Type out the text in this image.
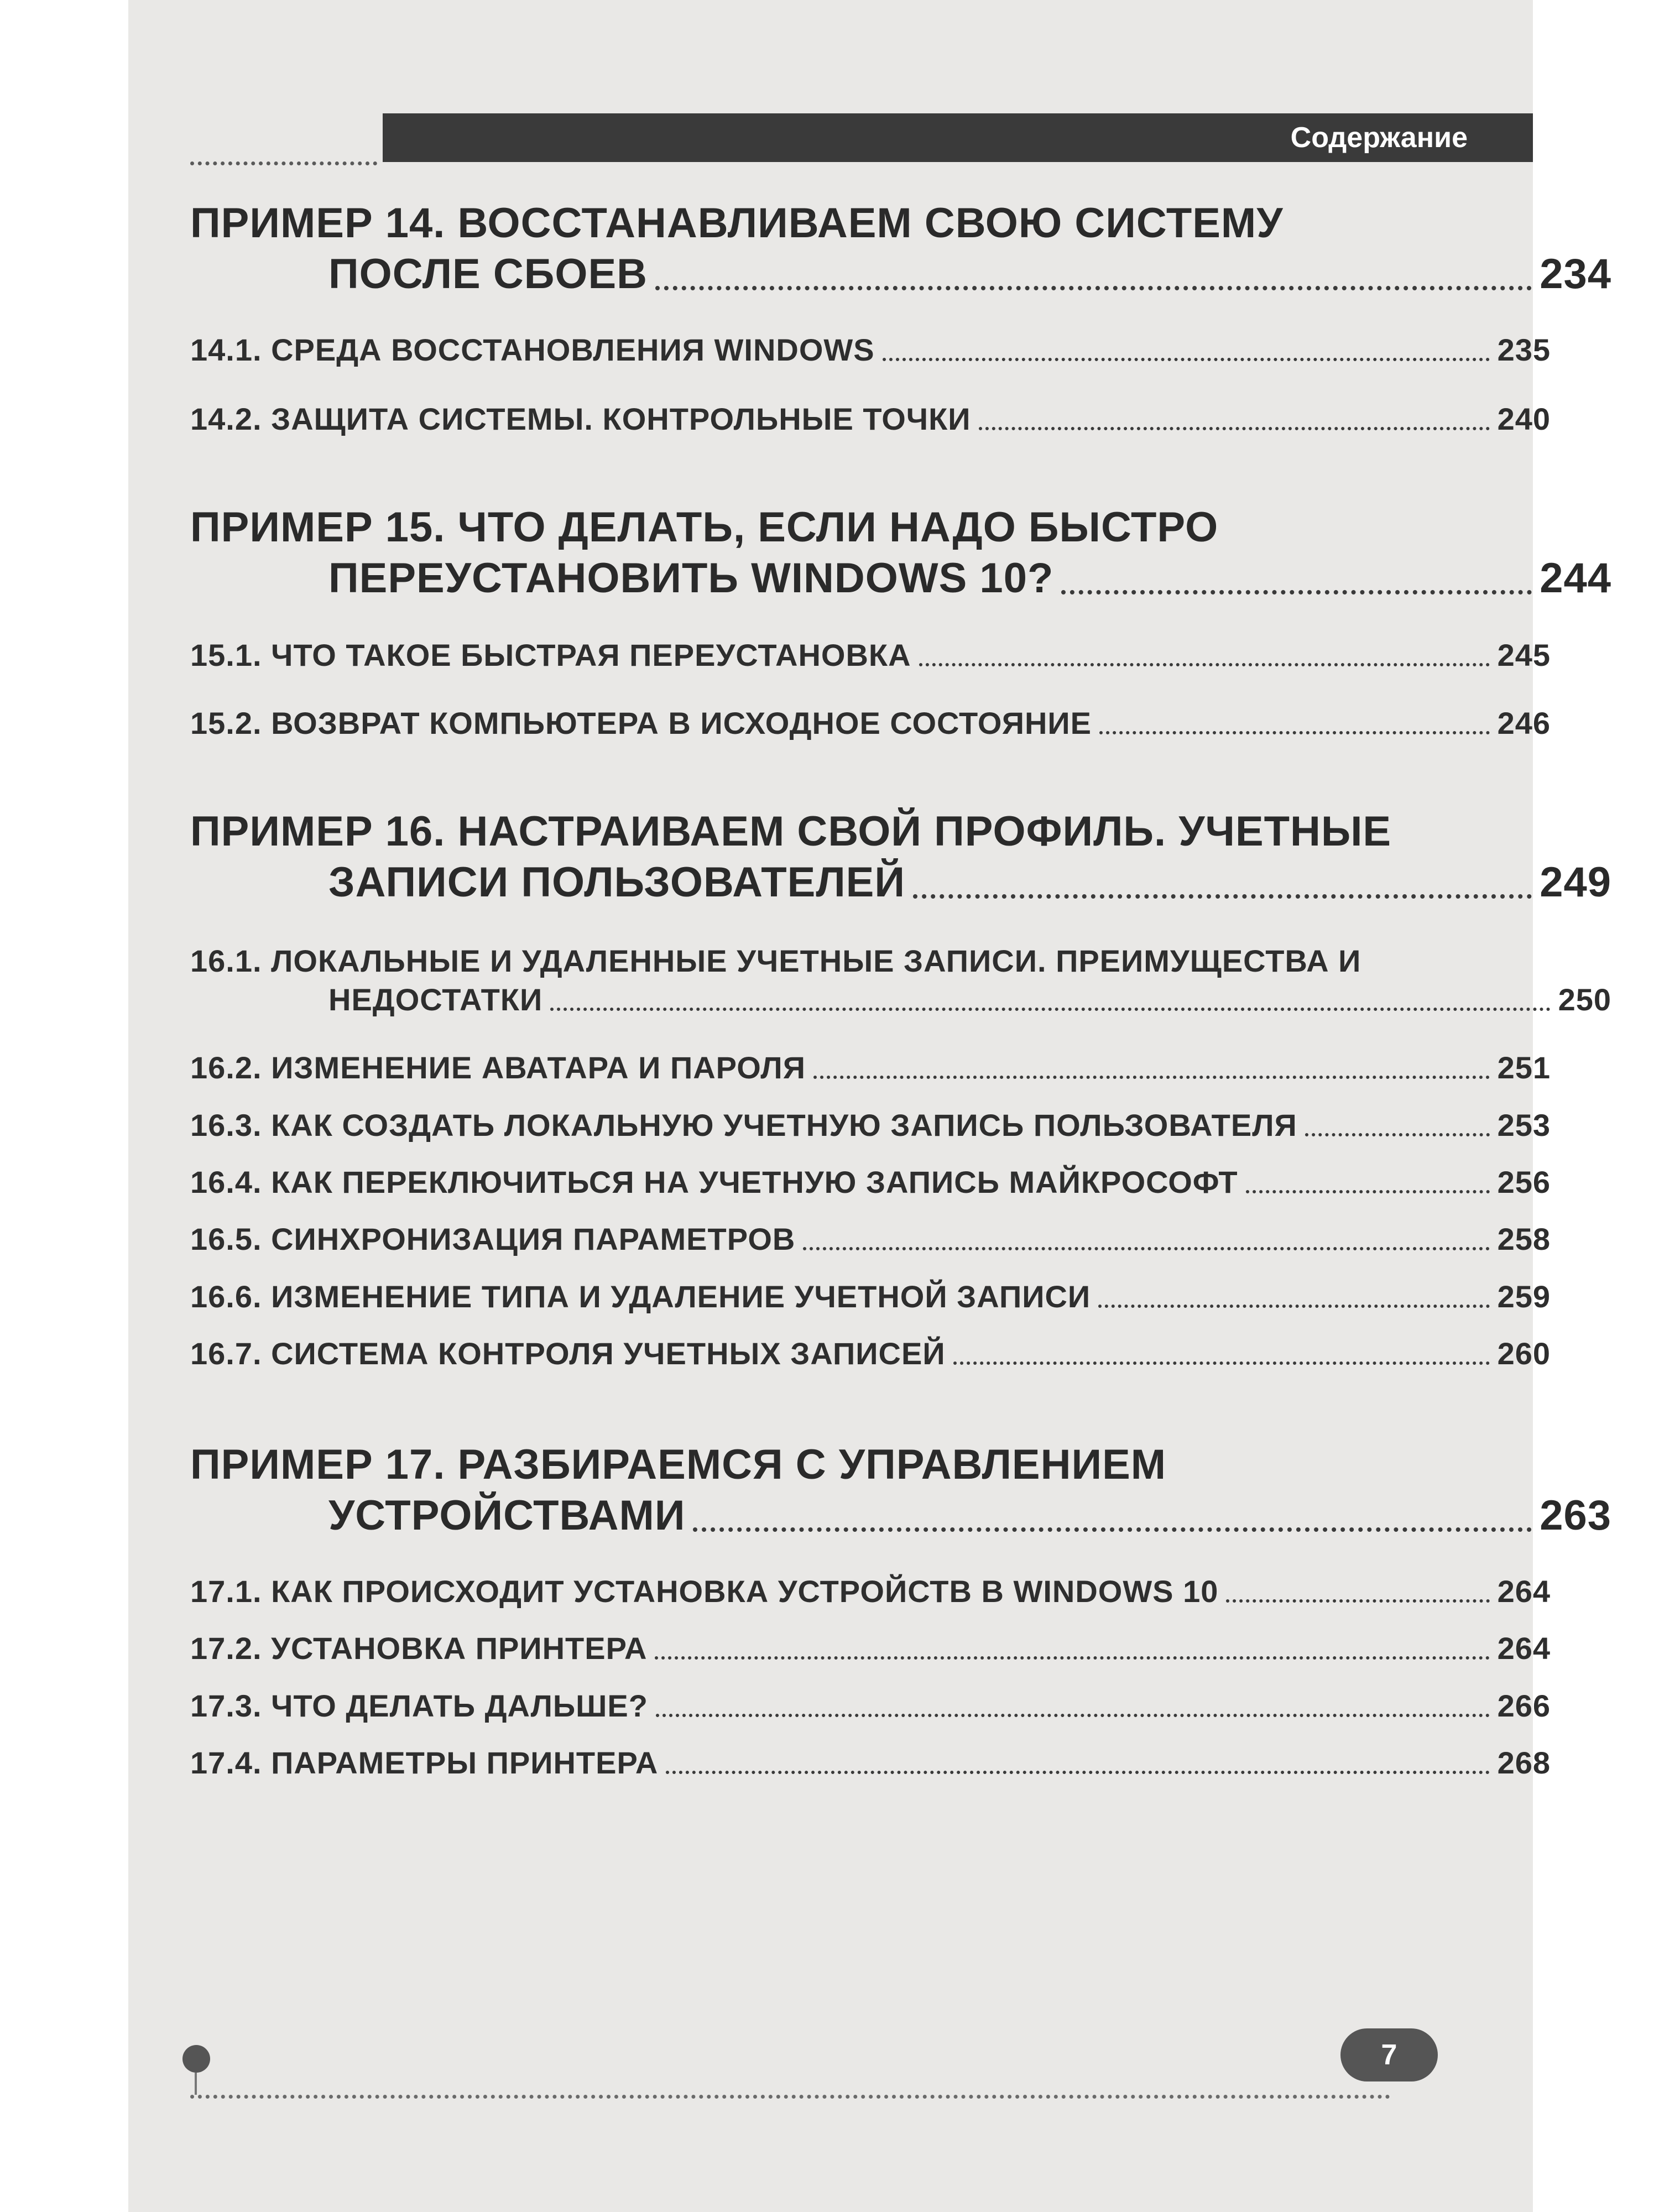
Содержание
ПРИМЕР 14. ВОССТАНАВЛИВАЕМ СВОЮ СИСТЕМУ
ПОСЛЕ СБОЕВ	234
14.1. СРЕДА ВОССТАНОВЛЕНИЯ WINDOWS	235
14.2. ЗАЩИТА СИСТЕМЫ. КОНТРОЛЬНЫЕ ТОЧКИ	240
ПРИМЕР 15. ЧТО ДЕЛАТЬ, ЕСЛИ НАДО БЫСТРО
ПЕРЕУСТАНОВИТЬ WINDOWS 10?	244
15.1. ЧТО ТАКОЕ БЫСТРАЯ ПЕРЕУСТАНОВКА	245
15.2. ВОЗВРАТ КОМПЬЮТЕРА В ИСХОДНОЕ СОСТОЯНИЕ	246
ПРИМЕР 16. НАСТРАИВАЕМ СВОЙ ПРОФИЛЬ. УЧЕТНЫЕ
ЗАПИСИ ПОЛЬЗОВАТЕЛЕЙ	249
16.1. ЛОКАЛЬНЫЕ И УДАЛЕННЫЕ УЧЕТНЫЕ ЗАПИСИ. ПРЕИМУЩЕСТВА И
НЕДОСТАТКИ	250
16.2. ИЗМЕНЕНИЕ АВАТАРА И ПАРОЛЯ	251
16.3. КАК СОЗДАТЬ ЛОКАЛЬНУЮ УЧЕТНУЮ ЗАПИСЬ ПОЛЬЗОВАТЕЛЯ	253
16.4. КАК ПЕРЕКЛЮЧИТЬСЯ НА УЧЕТНУЮ ЗАПИСЬ МАЙКРОСОФТ	256
16.5. СИНХРОНИЗАЦИЯ ПАРАМЕТРОВ	258
16.6. ИЗМЕНЕНИЕ ТИПА И УДАЛЕНИЕ УЧЕТНОЙ ЗАПИСИ	259
16.7. СИСТЕМА КОНТРОЛЯ УЧЕТНЫХ ЗАПИСЕЙ	260
ПРИМЕР 17. РАЗБИРАЕМСЯ С УПРАВЛЕНИЕМ
УСТРОЙСТВАМИ	263
17.1. КАК ПРОИСХОДИТ УСТАНОВКА УСТРОЙСТВ В WINDOWS 10	264
17.2. УСТАНОВКА ПРИНТЕРА	264
17.3. ЧТО ДЕЛАТЬ ДАЛЬШЕ?	266
17.4. ПАРАМЕТРЫ ПРИНТЕРА	268
7
